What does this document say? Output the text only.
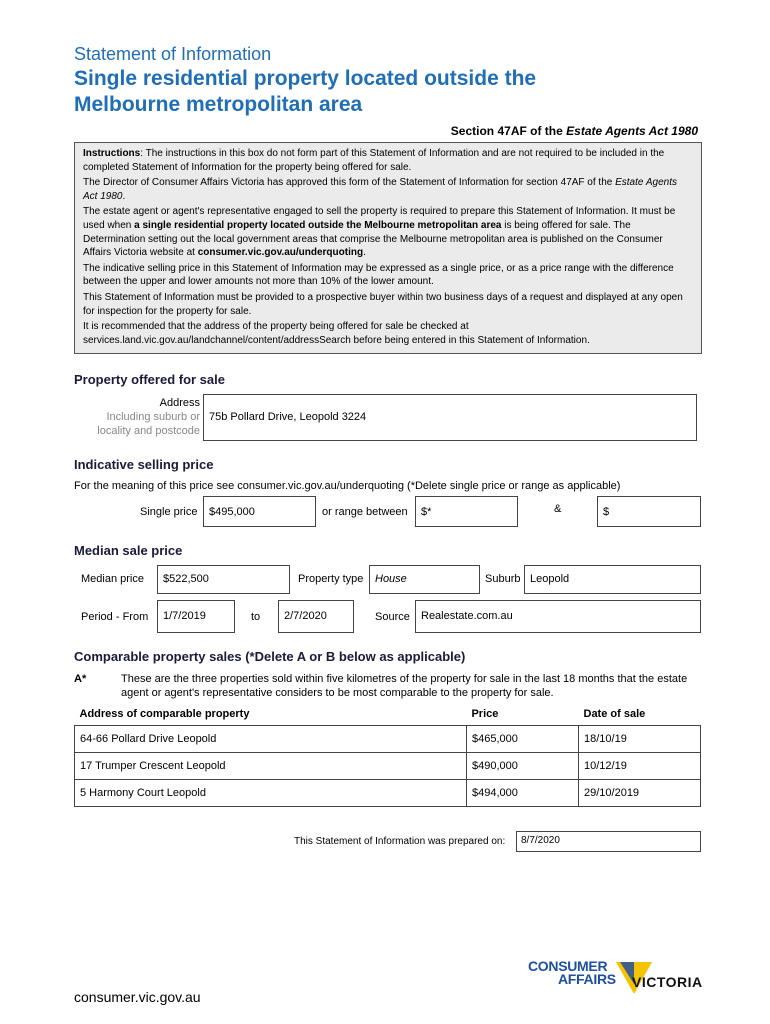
Statement of Information
Single residential property located outside the
Melbourne metropolitan area
Section 47AF of the Estate Agents Act 1980

Instructions: The instructions in this box do not form part of this Statement of Information and are not required to be included in the completed Statement of Information for the property being offered for sale.

The Director of Consumer Affairs Victoria has approved this form of the Statement of Information for section 47AF of the Estate Agents Act 1980.

The estate agent or agent's representative engaged to sell the property is required to prepare this Statement of Information. It must be used when a single residential property located outside the Melbourne metropolitan area is being offered for sale. The Determination setting out the local government areas that comprise the Melbourne metropolitan area is published on the Consumer Affairs Victoria website at consumer.vic.gov.au/underquoting.

The indicative selling price in this Statement of Information may be expressed as a single price, or as a price range with the difference between the upper and lower amounts not more than 10% of the lower amount.

This Statement of Information must be provided to a prospective buyer within two business days of a request and displayed at any open for inspection for the property for sale.

It is recommended that the address of the property being offered for sale be checked at services.land.vic.gov.au/landchannel/content/addressSearch before being entered in this Statement of Information.

Property offered for sale
Address
Including suburb or
locality and postcode
75b Pollard Drive, Leopold 3224
Indicative selling price
For the meaning of this price see consumer.vic.gov.au/underquoting (*Delete single price or range as applicable)
Single price	$495,000	or range between	$*	&	$
Median sale price
Median price	$522,500	Property type	House	Suburb Leopold
Period - From	1/7/2019	to	2/7/2020	Source	Realestate.com.au
Comparable property sales (*Delete A or B below as applicable)
A*	These are the three properties sold within five kilometres of the property for sale in the last 18 months that the estate agent or agent's representative considers to be most comparable to the property for sale.
Address of comparable property	Price	Date of sale
64-66 Pollard Drive Leopold	$465,000	18/10/19
17 Trumper Crescent Leopold	$490,000	10/12/19
5 Harmony Court Leopold	$494,000	29/10/2019
This Statement of Information was prepared on:	8/7/2020
CONSUMER
AFFAIRS VICTORIA
consumer.vic.gov.au
